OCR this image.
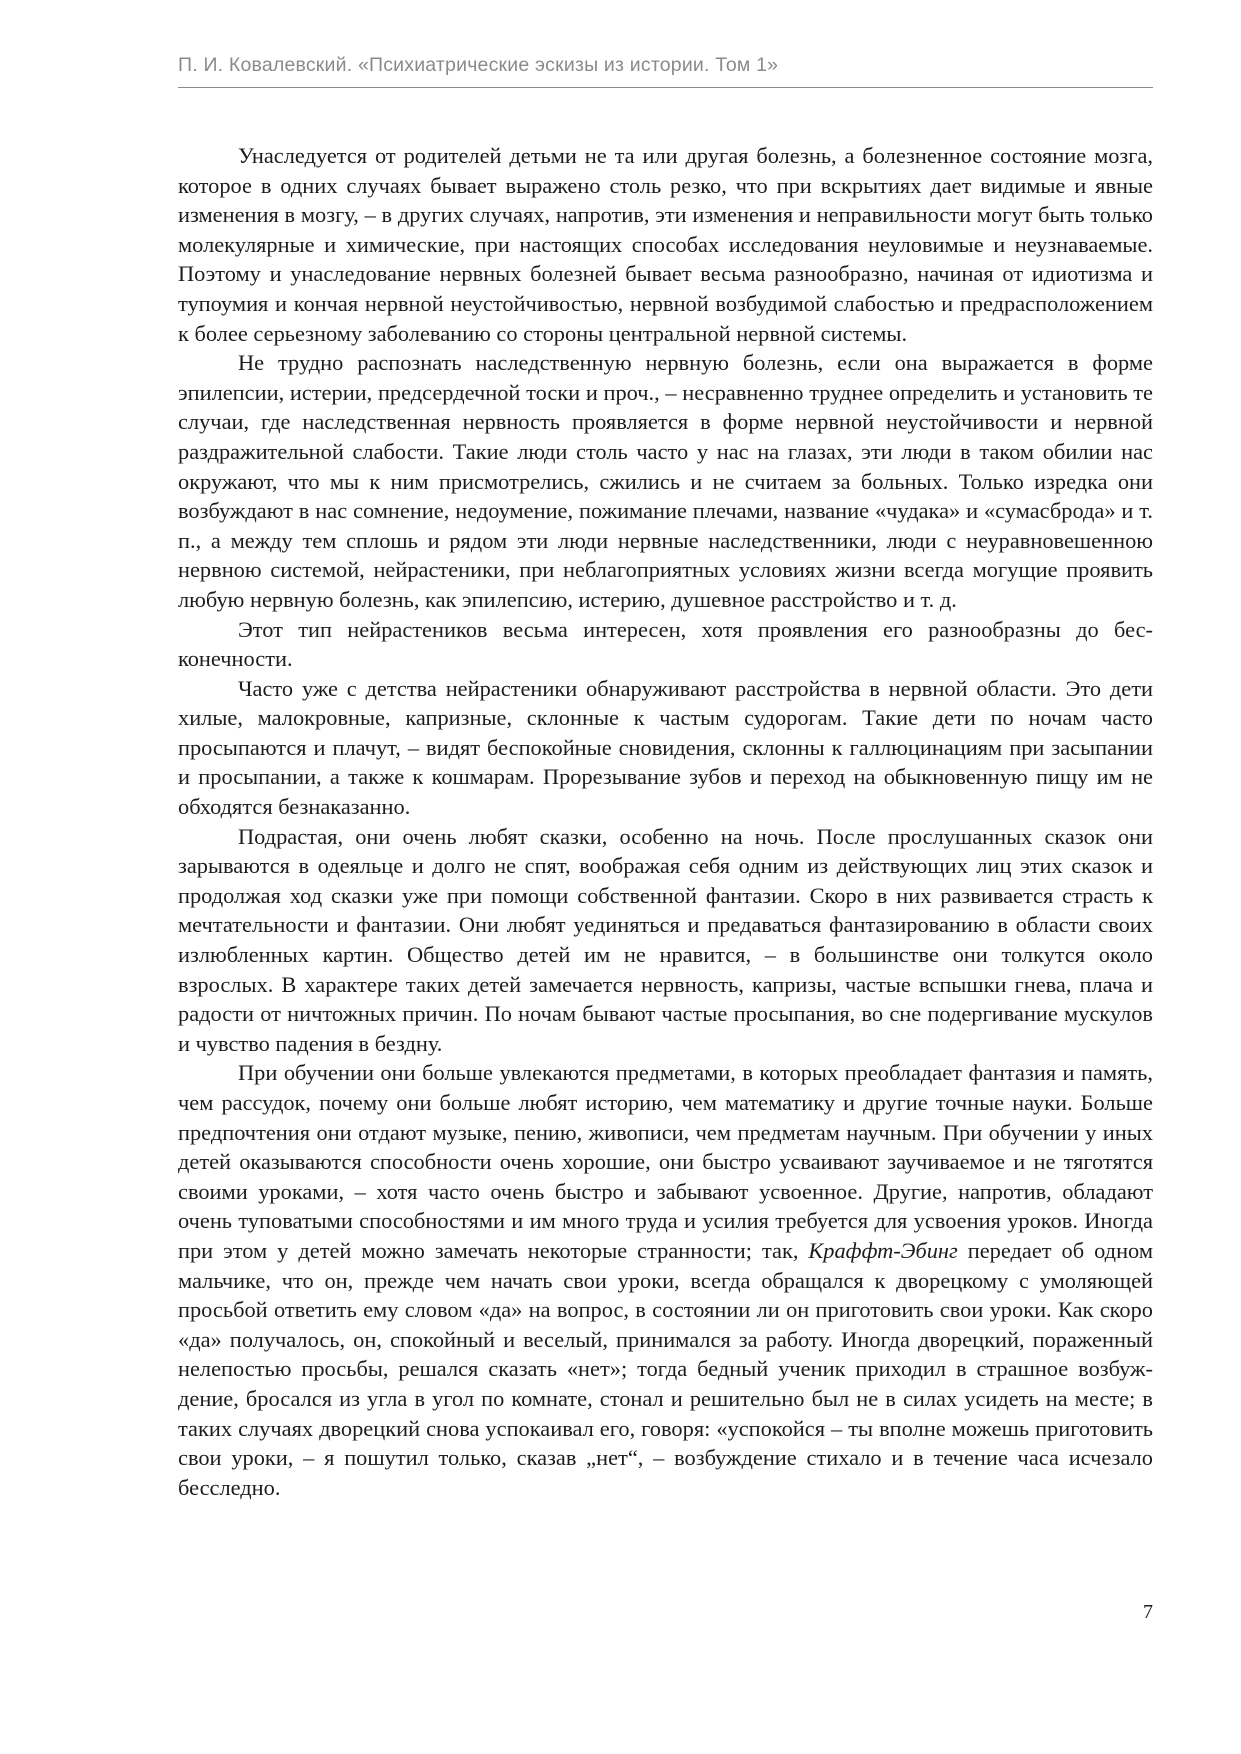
П. И. Ковалевский. «Психиатрические эскизы из истории. Том 1»

Унаследуется от родителей детьми не та или другая болезнь, а болезненное состояние мозга, которое в одних случаях бывает выражено столь резко, что при вскрытиях дает видимые и явные изменения в мозгу, – в других случаях, напротив, эти изменения и неправильности могут быть только молекулярные и химические, при настоящих способах исследования неуловимые и неузнаваемые. Поэтому и унаследование нервных болезней бывает весьма разнообразно, начиная от идиотизма и тупоумия и кончая нервной неустойчивостью, нервной возбудимой слабостью и предрасположением к более серьезному заболеванию со стороны центральной нервной системы.

Не трудно распознать наследственную нервную болезнь, если она выражается в форме эпилепсии, истерии, предсердечной тоски и проч., – несравненно труднее определить и установить те случаи, где наследственная нервность проявляется в форме нервной неустойчивости и нервной раздражительной слабости. Такие люди столь часто у нас на глазах, эти люди в таком обилии нас окружают, что мы к ним присмотрелись, сжились и не считаем за больных. Только изредка они возбуждают в нас сомнение, недоумение, пожимание плечами, название «чудака» и «сумасброда» и т. п., а между тем сплошь и рядом эти люди нервные наследственники, люди с неуравновешенною нервною системой, нейрастеники, при неблагоприятных условиях жизни всегда могущие проявить любую нервную болезнь, как эпилепсию, истерию, душевное расстройство и т. д.

Этот тип нейрастеников весьма интересен, хотя проявления его разнообразны до бесконечности.

Часто уже с детства нейрастеники обнаруживают расстройства в нервной области. Это дети хилые, малокровные, капризные, склонные к частым судорогам. Такие дети по ночам часто просыпаются и плачут, – видят беспокойные сновидения, склонны к галлюцинациям при засыпании и просыпании, а также к кошмарам. Прорезывание зубов и переход на обыкновенную пищу им не обходятся безнаказанно.

Подрастая, они очень любят сказки, особенно на ночь. После прослушанных сказок они зарываются в одеяльце и долго не спят, воображая себя одним из действующих лиц этих сказок и продолжая ход сказки уже при помощи собственной фантазии. Скоро в них развивается страсть к мечтательности и фантазии. Они любят уединяться и предаваться фантазированию в области своих излюбленных картин. Общество детей им не нравится, – в большинстве они толкутся около взрослых. В характере таких детей замечается нервность, капризы, частые вспышки гнева, плача и радости от ничтожных причин. По ночам бывают частые просыпания, во сне подергивание мускулов и чувство падения в бездну.

При обучении они больше увлекаются предметами, в которых преобладает фантазия и память, чем рассудок, почему они больше любят историю, чем математику и другие точные науки. Больше предпочтения они отдают музыке, пению, живописи, чем предметам научным. При обучении у иных детей оказываются способности очень хорошие, они быстро усваивают заучиваемое и не тяготятся своими уроками, – хотя часто очень быстро и забывают усвоенное. Другие, напротив, обладают очень туповатыми способностями и им много труда и усилия требуется для усвоения уроков. Иногда при этом у детей можно замечать некоторые странности; так, Краффт-Эбинг передает об одном мальчике, что он, прежде чем начать свои уроки, всегда обращался к дворецкому с умоляющей просьбой ответить ему словом «да» на вопрос, в состоянии ли он приготовить свои уроки. Как скоро «да» получалось, он, спокойный и веселый, принимался за работу. Иногда дворецкий, пораженный нелепостью просьбы, решался сказать «нет»; тогда бедный ученик приходил в страшное возбуждение, бросался из угла в угол по комнате, стонал и решительно был не в силах усидеть на месте; в таких случаях дворецкий снова успокаивал его, говоря: «успокойся – ты вполне можешь приготовить свои уроки, – я пошутил только, сказав „нет“, – возбуждение стихало и в течение часа исчезало бесследно.

7
